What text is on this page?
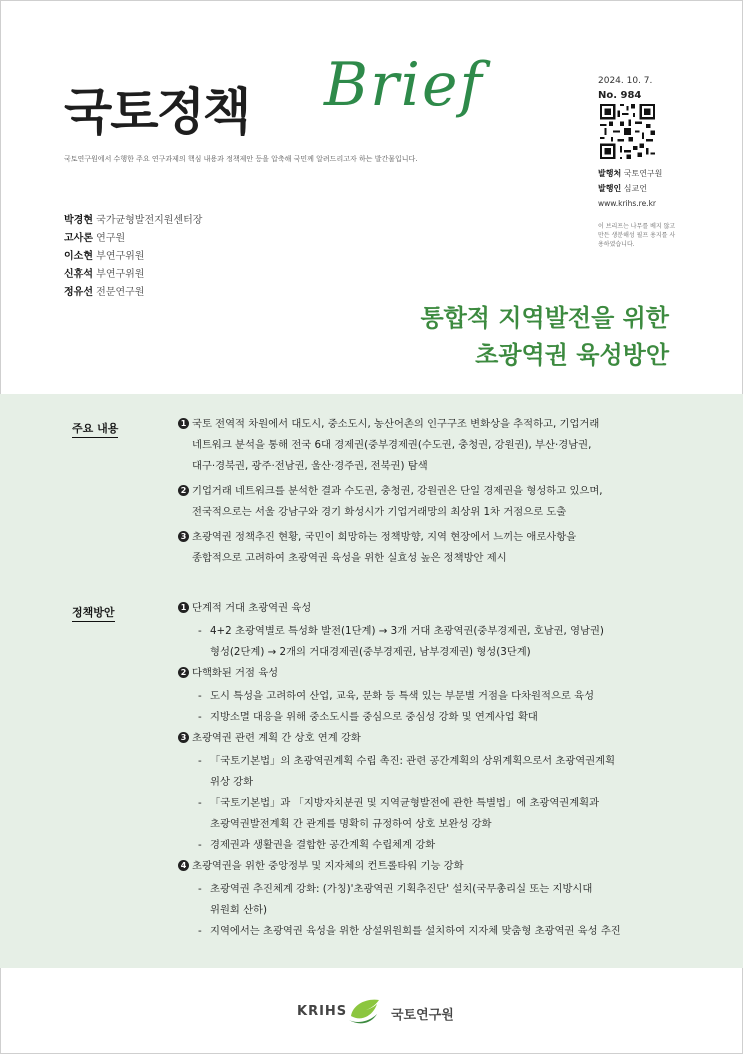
국토정책 Brief
국토연구원에서 수행한 주요 연구과제의 핵심 내용과 정책제안 등을 압축해 국민께 알려드리고자 하는 발간물입니다.
2024. 10. 7.
No. 984
발행처 국토연구원
발행인 심교언
www.krihs.re.kr
이 브리프는 나무를 베지 않고 만든 생분해성 필프 용지를 사용하였습니다.
박경현 국가균형발전지원센터장
고사론 연구원
이소현 부연구위원
신휴석 부연구위원
정유선 전문연구원
통합적 지역발전을 위한
초광역권 육성방안
주요 내용	1 국토 전역적 차원에서 대도시, 중소도시, 농산어촌의 인구구조 변화상을 추적하고, 기업거래
네트워크 분석을 통해 전국 6대 경제권(중부경제권(수도권, 충청권, 강원권), 부산·경남권,
대구·경북권, 광주·전남권, 울산·경주권, 전북권) 탐색
2 기업거래 네트워크를 분석한 결과 수도권, 충청권, 강원권은 단일 경제권을 형성하고 있으며,
전국적으로는 서울 강남구와 경기 화성시가 기업거래망의 최상위 1차 거점으로 도출
3 초광역권 정책추진 현황, 국민이 희망하는 정책방향, 지역 현장에서 느끼는 애로사항을
종합적으로 고려하여 초광역권 육성을 위한 실효성 높은 정책방안 제시
정책방안	1 단계적 거대 초광역권 육성
- 4+2 초광역별로 특성화 발전(1단계) → 3개 거대 초광역권(중부경제권, 호남권, 영남권)
형성(2단계) → 2개의 거대경제권(중부경제권, 남부경제권) 형성(3단계)
2 다핵화된 거점 육성
- 도시 특성을 고려하여 산업, 교육, 문화 등 특색 있는 부문별 거점을 다차원적으로 육성
- 지방소멸 대응을 위해 중소도시를 중심으로 중심성 강화 및 연계사업 확대
3 초광역권 관련 계획 간 상호 연계 강화
- 「국토기본법」의 초광역권계획 수립 촉진: 관련 공간계획의 상위계획으로서 초광역권계획
위상 강화
- 「국토기본법」과 「지방자치분권 및 지역균형발전에 관한 특별법」에 초광역권계획과
초광역권발전계획 간 관계를 명확히 규정하여 상호 보완성 강화
- 경제권과 생활권을 결합한 공간계획 수립체계 강화
4 초광역권을 위한 중앙정부 및 지자체의 컨트롤타워 기능 강화
- 초광역권 추진체계 강화: (가칭)'초광역권 기획추진단' 설치(국무총리실 또는 지방시대
위원회 산하)
- 지역에서는 초광역권 육성을 위한 상설위원회를 설치하여 지자체 맞춤형 초광역권 육성 추진
KRIHS	국토연구원
